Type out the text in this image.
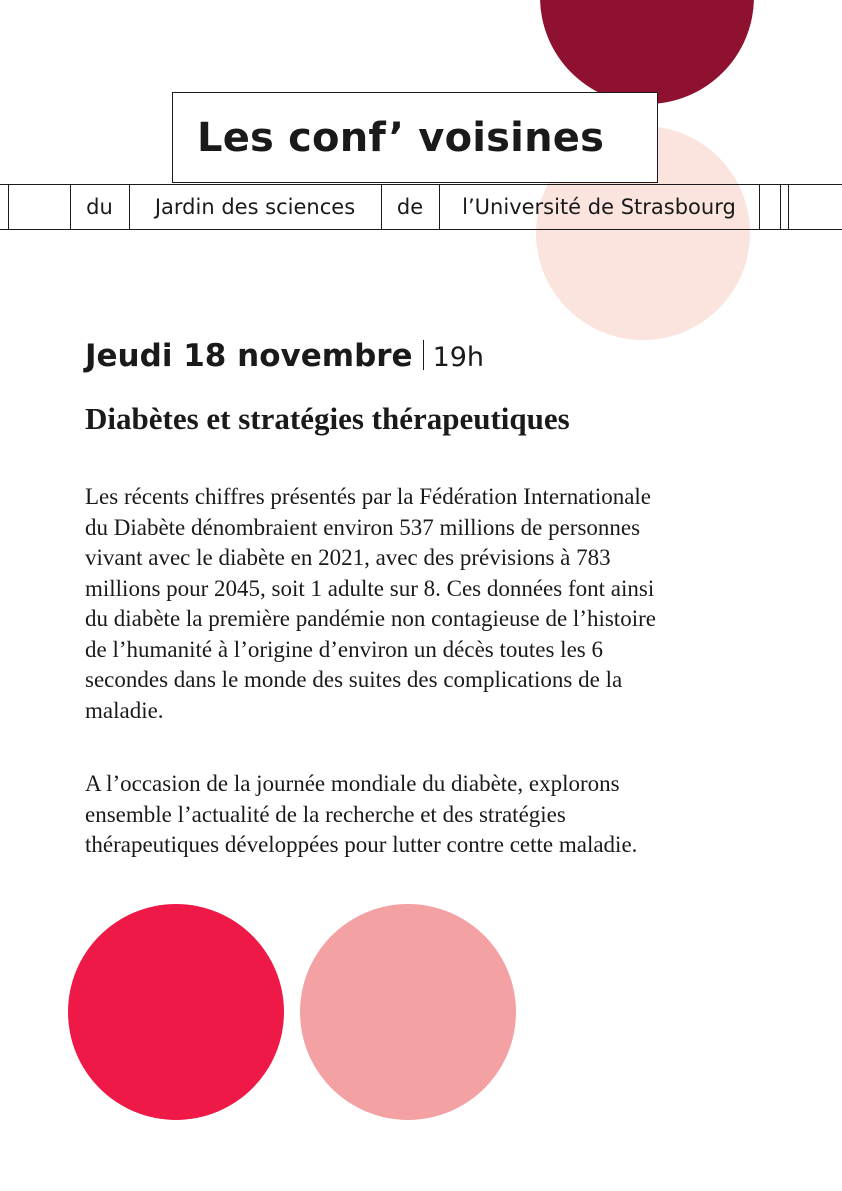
du	Jardin des sciences	de	l’Université de Strasbourg
Les conf’ voisines
Jeudi 18 novembre 19h
Diabètes et stratégies thérapeutiques

Les récents chiffres présentés par la Fédération Internationale
du Diabète dénombraient environ 537 millions de personnes
vivant avec le diabète en 2021, avec des prévisions à 783
millions pour 2045, soit 1 adulte sur 8. Ces données font ainsi
du diabète la première pandémie non contagieuse de l’histoire
de l’humanité à l’origine d’environ un décès toutes les 6
secondes dans le monde des suites des complications de la
maladie.

A l’occasion de la journée mondiale du diabète, explorons
ensemble l’actualité de la recherche et des stratégies
thérapeutiques développées pour lutter contre cette maladie.
